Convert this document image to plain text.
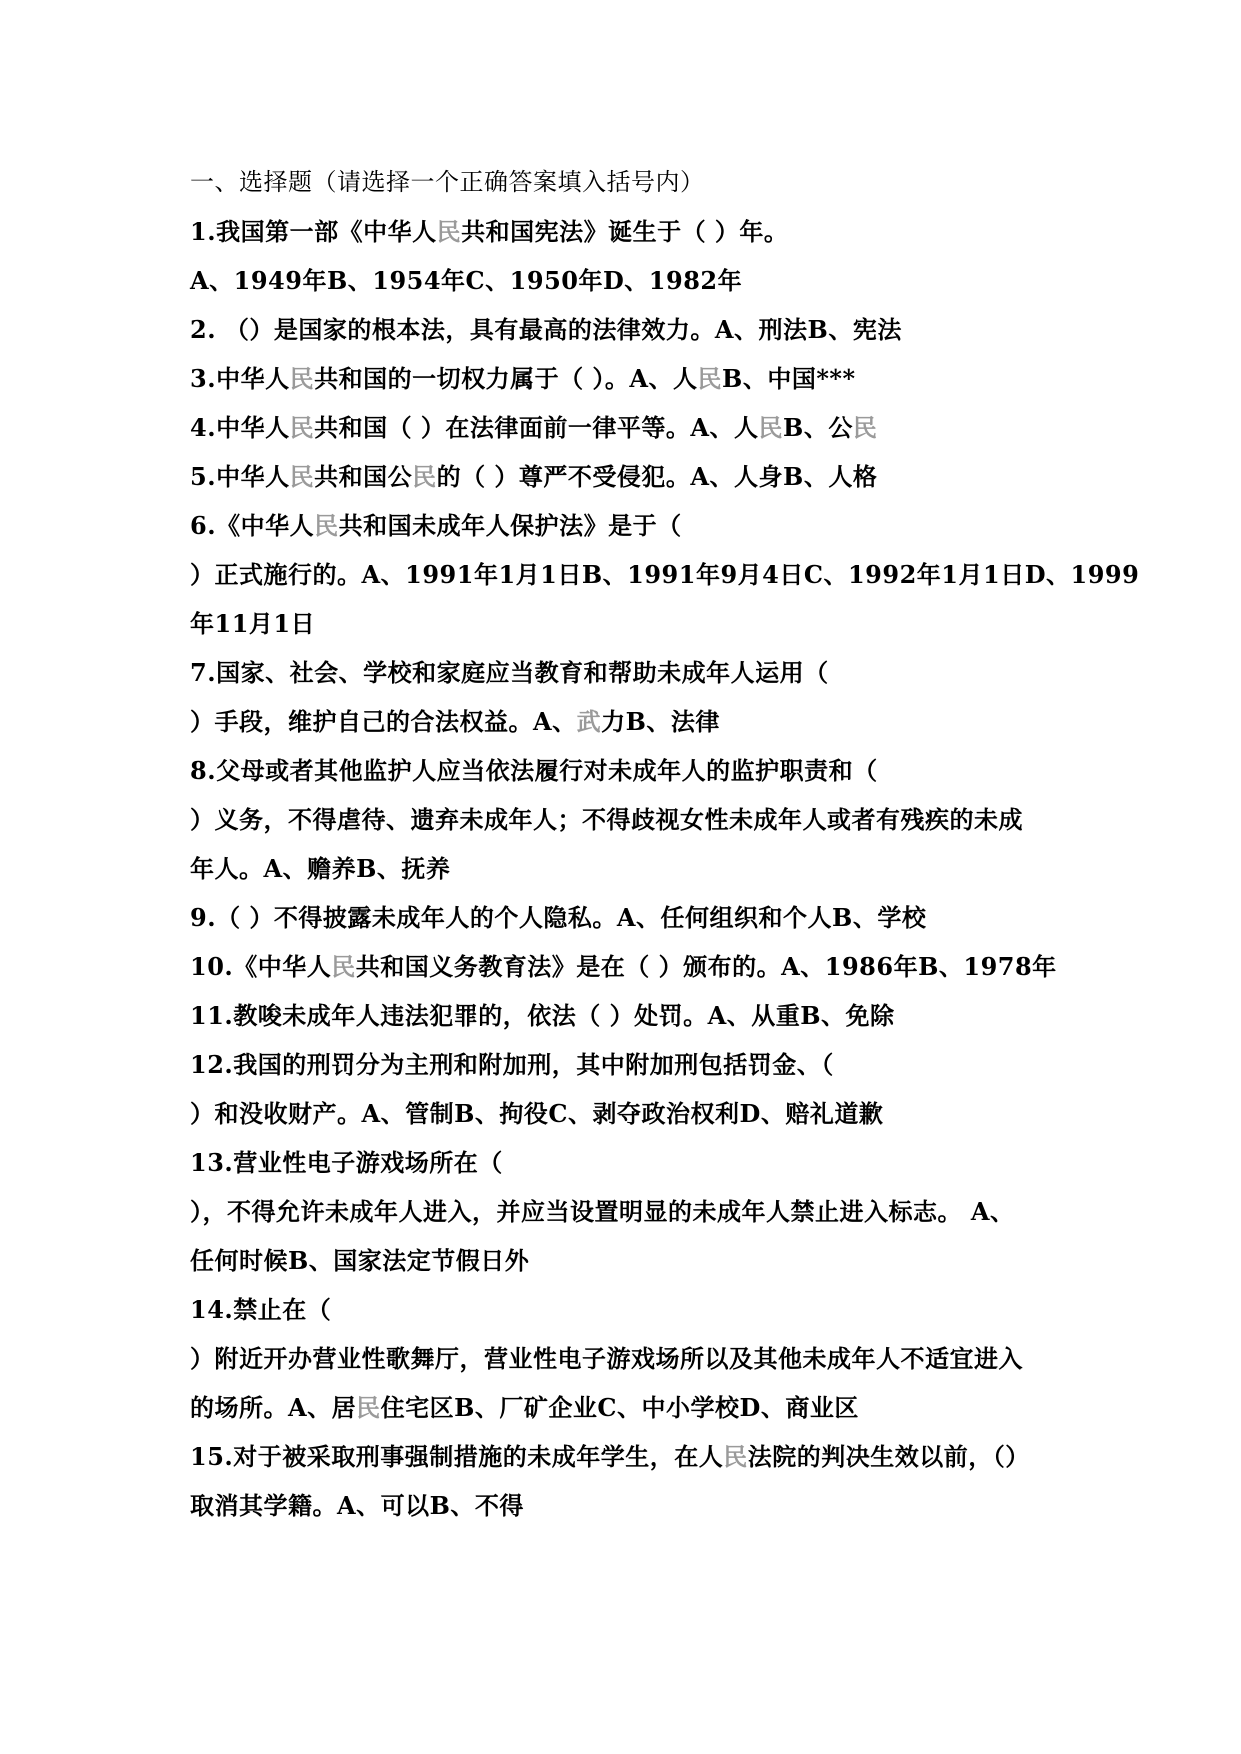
一、选择题（请选择一个正确答案填入括号内）
1.我国第一部《中华人民共和国宪法》诞生于（ ）年。
A、1949年B、1954年C、1950年D、1982年
2. （）是国家的根本法，具有最高的法律效力。A、刑法B、宪法
3.中华人民共和国的一切权力属于（ ）。A、人民B、中国***
4.中华人民共和国（ ）在法律面前一律平等。A、人民B、公民
5.中华人民共和国公民的（ ）尊严不受侵犯。A、人身B、人格
6.《中华人民共和国未成年人保护法》是于（
）正式施行的。A、1991年1月1日B、1991年9月4日C、1992年1月1日D、1999
年11月1日
7.国家、社会、学校和家庭应当教育和帮助未成年人运用（
）手段，维护自己的合法权益。A、武力B、法律
8.父母或者其他监护人应当依法履行对未成年人的监护职责和（
）义务，不得虐待、遗弃未成年人；不得歧视女性未成年人或者有残疾的未成
年人。A、赡养B、抚养
9.（ ）不得披露未成年人的个人隐私。A、任何组织和个人B、学校
10.《中华人民共和国义务教育法》是在（ ）颁布的。A、1986年B、1978年
11.教唆未成年人违法犯罪的，依法（ ）处罚。A、从重B、免除
12.我国的刑罚分为主刑和附加刑，其中附加刑包括罚金、（
）和没收财产。A、管制B、拘役C、剥夺政治权利D、赔礼道歉
13.营业性电子游戏场所在（
），不得允许未成年人进入，并应当设置明显的未成年人禁止进入标志。 A、
任何时候B、国家法定节假日外
14.禁止在（
）附近开办营业性歌舞厅，营业性电子游戏场所以及其他未成年人不适宜进入
的场所。A、居民住宅区B、厂矿企业C、中小学校D、商业区
15.对于被采取刑事强制措施的未成年学生，在人民法院的判决生效以前，（）
取消其学籍。A、可以B、不得
